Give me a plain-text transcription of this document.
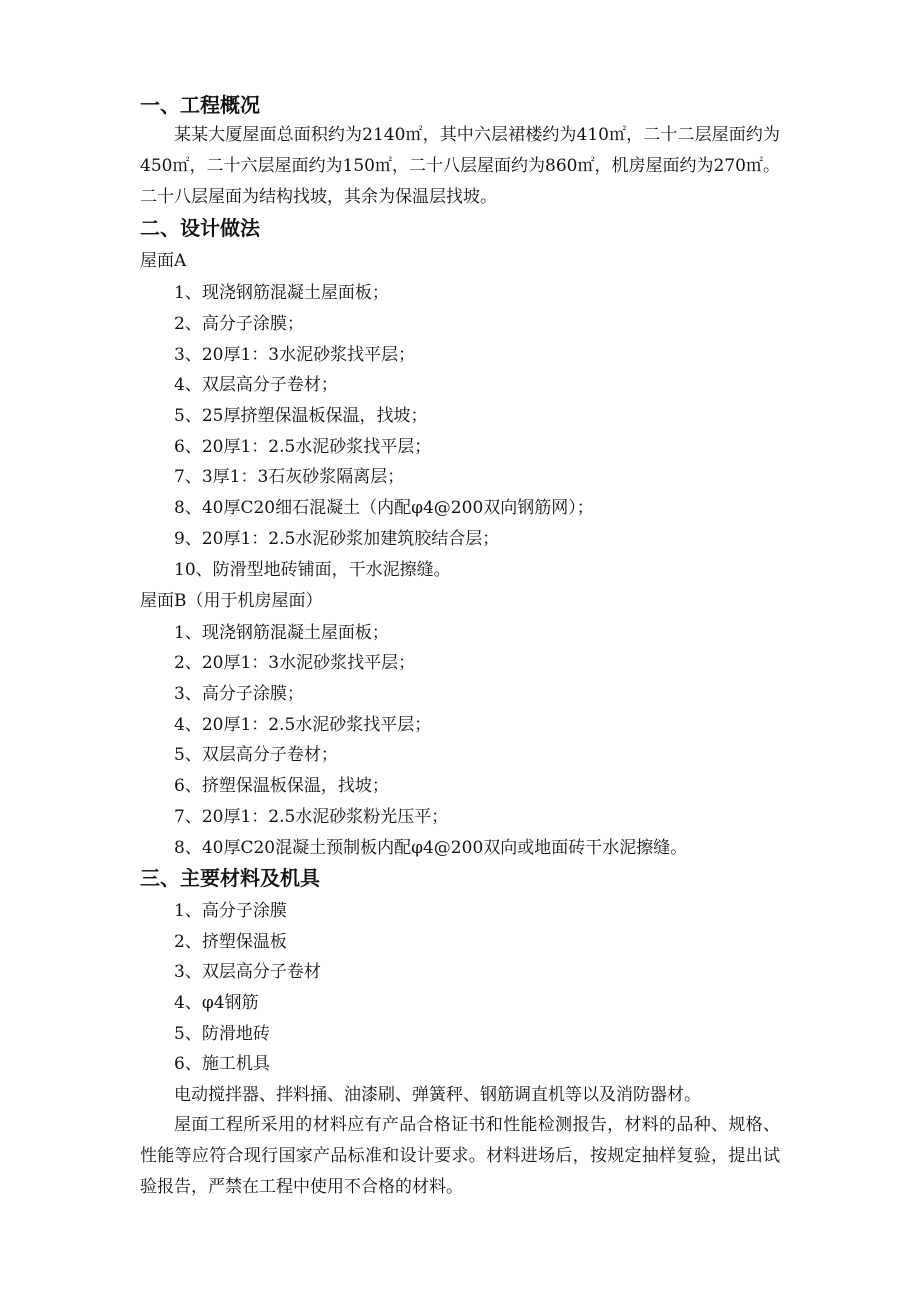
一、工程概况
某某大厦屋面总面积约为2140㎡，其中六层裙楼约为410㎡，二十二层屋面约为450㎡，二十六层屋面约为150㎡，二十八层屋面约为860㎡，机房屋面约为270㎡。二十八层屋面为结构找坡，其余为保温层找坡。
二、设计做法
屋面A
1、现浇钢筋混凝土屋面板；
2、高分子涂膜；
3、20厚1：3水泥砂浆找平层；
4、双层高分子卷材；
5、25厚挤塑保温板保温，找坡；
6、20厚1：2.5水泥砂浆找平层；
7、3厚1：3石灰砂浆隔离层；
8、40厚C20细石混凝土（内配φ4@200双向钢筋网）；
9、20厚1：2.5水泥砂浆加建筑胶结合层；
10、防滑型地砖铺面，干水泥擦缝。
屋面B（用于机房屋面）
1、现浇钢筋混凝土屋面板；
2、20厚1：3水泥砂浆找平层；
3、高分子涂膜；
4、20厚1：2.5水泥砂浆找平层；
5、双层高分子卷材；
6、挤塑保温板保温，找坡；
7、20厚1：2.5水泥砂浆粉光压平；
8、40厚C20混凝土预制板内配φ4@200双向或地面砖干水泥擦缝。
三、主要材料及机具
1、高分子涂膜
2、挤塑保温板
3、双层高分子卷材
4、φ4钢筋
5、防滑地砖
6、施工机具
电动搅拌器、拌料捅、油漆刷、弹簧秤、钢筋调直机等以及消防器材。
屋面工程所采用的材料应有产品合格证书和性能检测报告，材料的品种、规格、性能等应符合现行国家产品标准和设计要求。材料进场后，按规定抽样复验，提出试验报告，严禁在工程中使用不合格的材料。
